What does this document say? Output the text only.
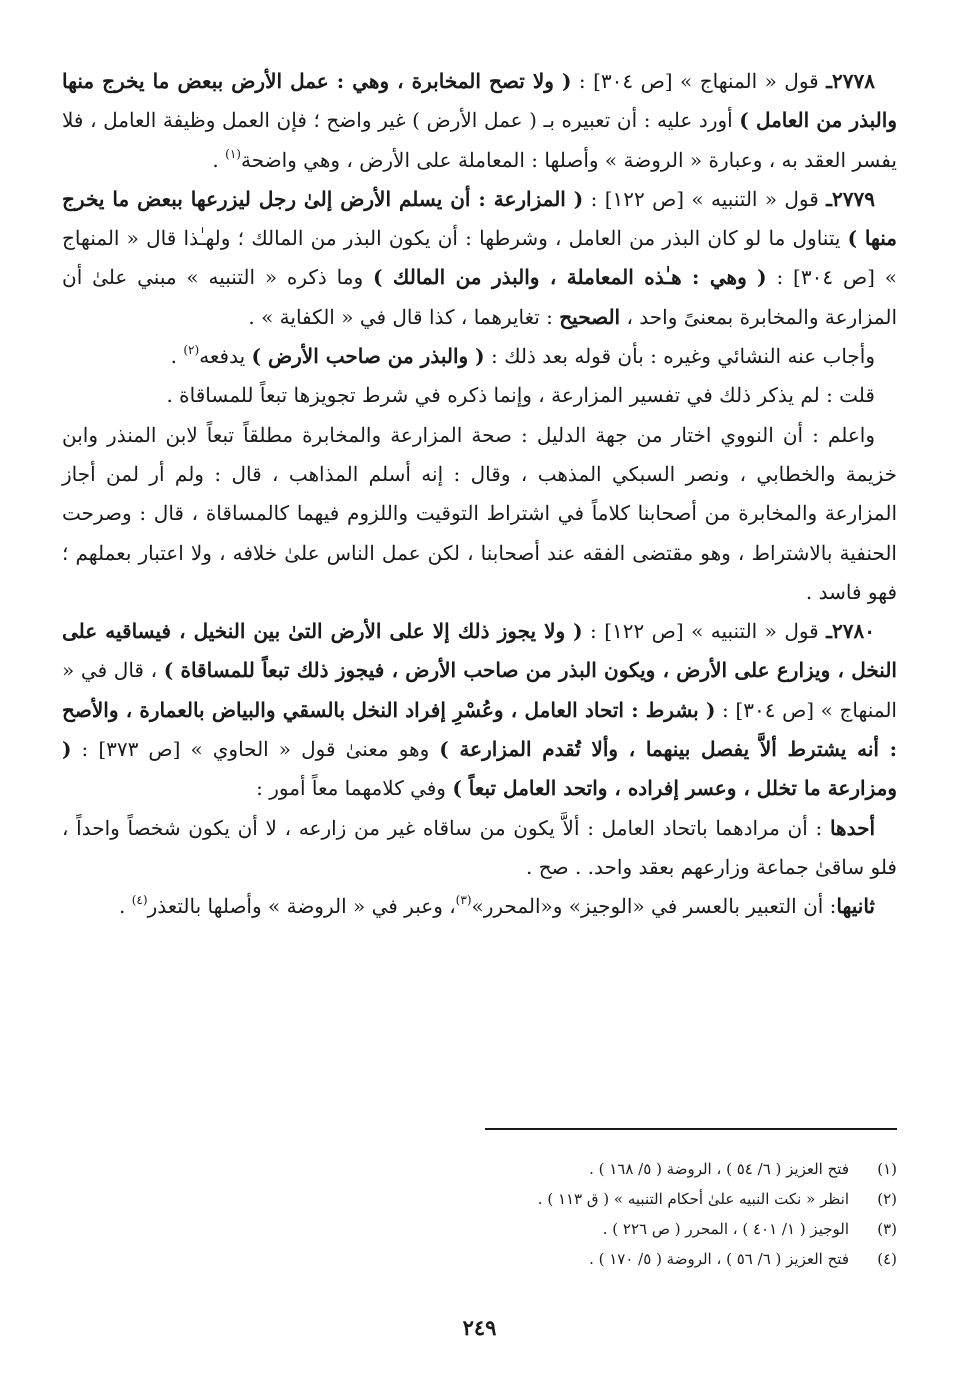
٢٧٧٨ـ قول « المنهاج » [ص ٣٠٤] : ( ولا تصح المخابرة ، وهي : عمل الأرض ببعض ما يخرج منها والبذر من العامل ) أورد عليه : أن تعبيره بـ ( عمل الأرض ) غير واضح ؛ فإن العمل وظيفة العامل ، فلا يفسر العقد به ، وعبارة « الروضة » وأصلها : المعاملة على الأرض ، وهي واضحة$^{(١)}$ .

٢٧٧٩ـ قول « التنبيه » [ص ١٢٢] : ( المزارعة : أن يسلم الأرض إلىٰ رجل ليزرعها ببعض ما يخرج منها ) يتناول ما لو كان البذر من العامل ، وشرطها : أن يكون البذر من المالك ؛ ولهـٰذا قال « المنهاج » [ص ٣٠٤] : ( وهي : هـٰذه المعاملة ، والبذر من المالك ) وما ذكره « التنبيه » مبني علىٰ أن المزارعة والمخابرة بمعنىً واحد ، الصحيح : تغايرهما ، كذا قال في « الكفاية » .

وأجاب عنه النشائي وغيره : بأن قوله بعد ذلك : ( والبذر من صاحب الأرض ) يدفعه$^{(٢)}$ .

قلت : لم يذكر ذلك في تفسير المزارعة ، وإنما ذكره في شرط تجويزها تبعاً للمساقاة .

واعلم : أن النووي اختار من جهة الدليل : صحة المزارعة والمخابرة مطلقاً تبعاً لابن المنذر وابن خزيمة والخطابي ، ونصر السبكي المذهب ، وقال : إنه أسلم المذاهب ، قال : ولم أر لمن أجاز المزارعة والمخابرة من أصحابنا كلاماً في اشتراط التوقيت واللزوم فيهما كالمساقاة ، قال : وصرحت الحنفية بالاشتراط ، وهو مقتضى الفقه عند أصحابنا ، لكن عمل الناس علىٰ خلافه ، ولا اعتبار بعملهم ؛ فهو فاسد .

٢٧٨٠ـ قول « التنبيه » [ص ١٢٢] : ( ولا يجوز ذلك إلا على الأرض التىٰ بين النخيل ، فيساقيه على النخل ، ويزارع على الأرض ، ويكون البذر من صاحب الأرض ، فيجوز ذلك تبعاً للمساقاة ) ، قال في « المنهاج » [ص ٣٠٤] : ( بشرط : اتحاد العامل ، وعُسْرِ إفراد النخل بالسقي والبياض بالعمارة ، والأصح : أنه يشترط ألاَّ يفصل بينهما ، وألا تُقدم المزارعة ) وهو معنىٰ قول « الحاوي » [ص ٣٧٣] : ( ومزارعة ما تخلل ، وعسر إفراده ، واتحد العامل تبعاً ) وفي كلامهما معاً أمور :

أحدها : أن مرادهما باتحاد العامل : ألاَّ يكون من ساقاه غير من زارعه ، لا أن يكون شخصاً واحداً ، فلو ساقىٰ جماعة وزارعهم بعقد واحد. . صح .

ثانيها: أن التعبير بالعسر في «الوجيز» و«المحرر»$^{(٣)}$، وعبر في « الروضة » وأصلها بالتعذر$^{(٤)}$ .

(١)
فتح العزيز ( ٦/ ٥٤ ) ، الروضة ( ٥/ ١٦٨ ) .
(٢)
انظر « نكت النبيه علىٰ أحكام التنبيه » ( ق ١١٣ ) .
(٣)
الوجيز ( ١/ ٤٠١ ) ، المحرر ( ص ٢٢٦ ) .
(٤)
فتح العزيز ( ٦/ ٥٦ ) ، الروضة ( ٥/ ١٧٠ ) .
٢٤٩
